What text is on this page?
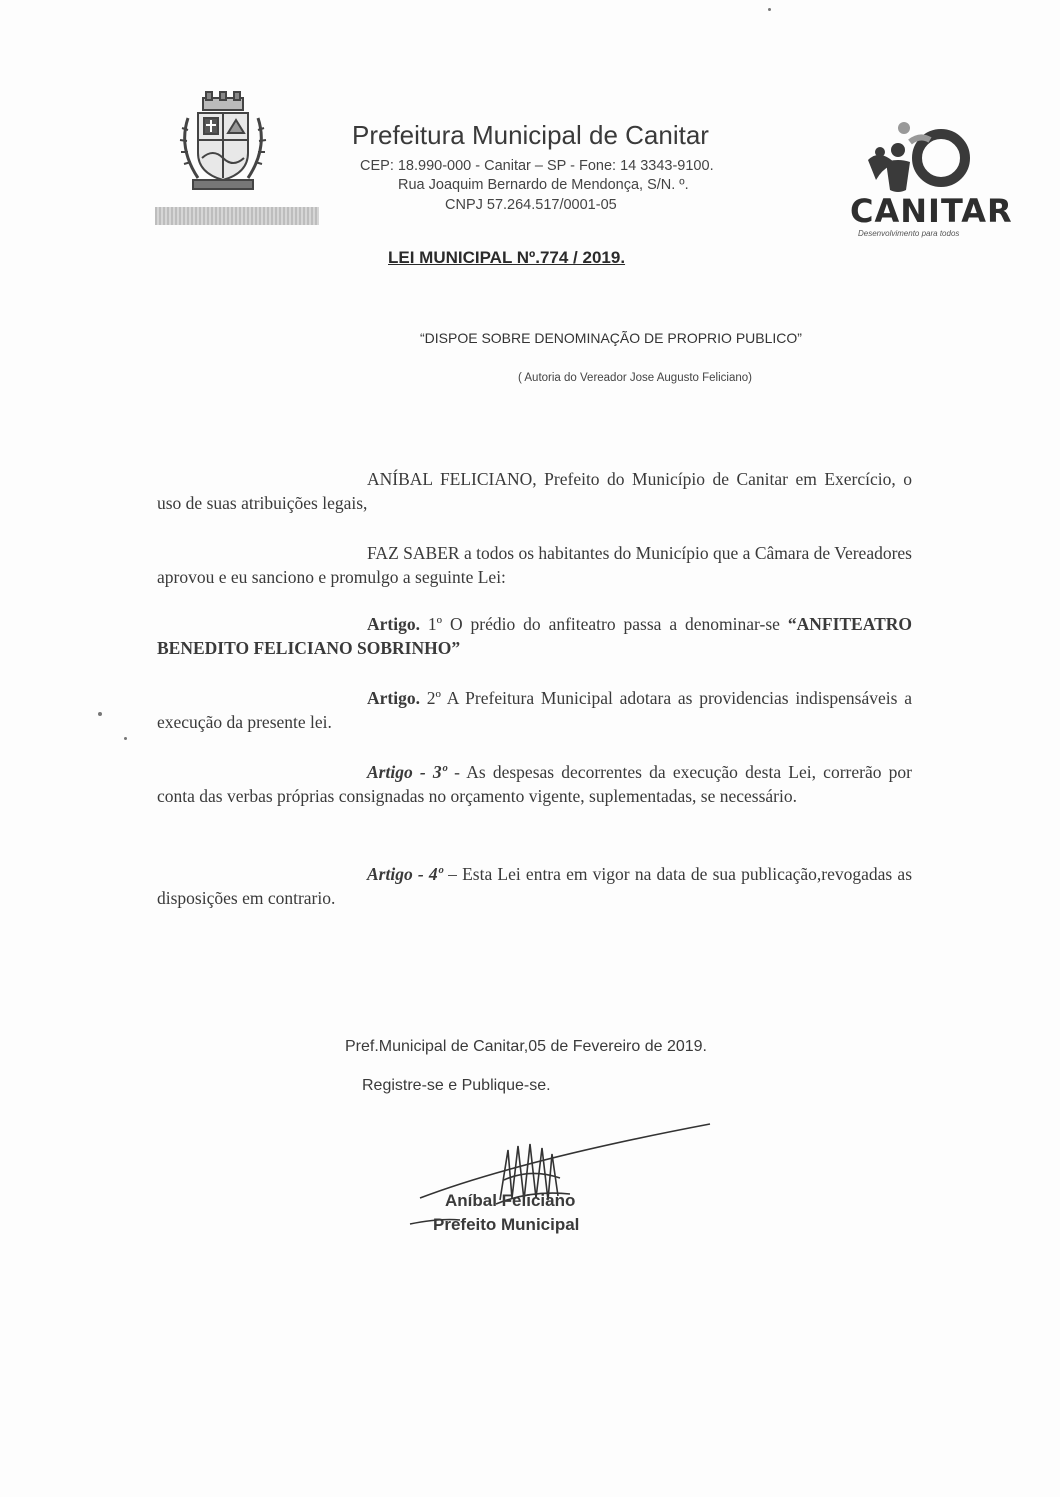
Prefeitura Municipal de Canitar
CEP: 18.990-000 - Canitar – SP - Fone: 14 3343-9100.
Rua Joaquim Bernardo de Mendonça, S/N. º.
CNPJ 57.264.517/0001-05	CANITAR
Desenvolvimento para todos
LEI MUNICIPAL Nº.774 / 2019.
“DISPOE SOBRE DENOMINAÇÃO DE PROPRIO PUBLICO”
( Autoria do Vereador Jose Augusto Feliciano)
ANÍBAL FELICIANO, Prefeito do Município de Canitar em Exercício, o uso de suas atribuições legais,
FAZ SABER a todos os habitantes do Município que a Câmara de Vereadores aprovou e eu sanciono e promulgo a seguinte Lei:
Artigo. 1º O prédio do anfiteatro passa a denominar-se “ANFITEATRO BENEDITO FELICIANO SOBRINHO”
Artigo. 2º A Prefeitura Municipal adotara as providencias indispensáveis a execução da presente lei.
Artigo - 3º - As despesas decorrentes da execução desta Lei, correrão por conta das verbas próprias consignadas no orçamento vigente, suplementadas, se necessário.
Artigo - 4º – Esta Lei entra em vigor na data de sua publicação,revogadas as disposições em contrario.
Pref.Municipal de Canitar,05 de Fevereiro de 2019.
Registre-se e Publique-se.
Aníbal Feliciano
Prefeito Municipal
